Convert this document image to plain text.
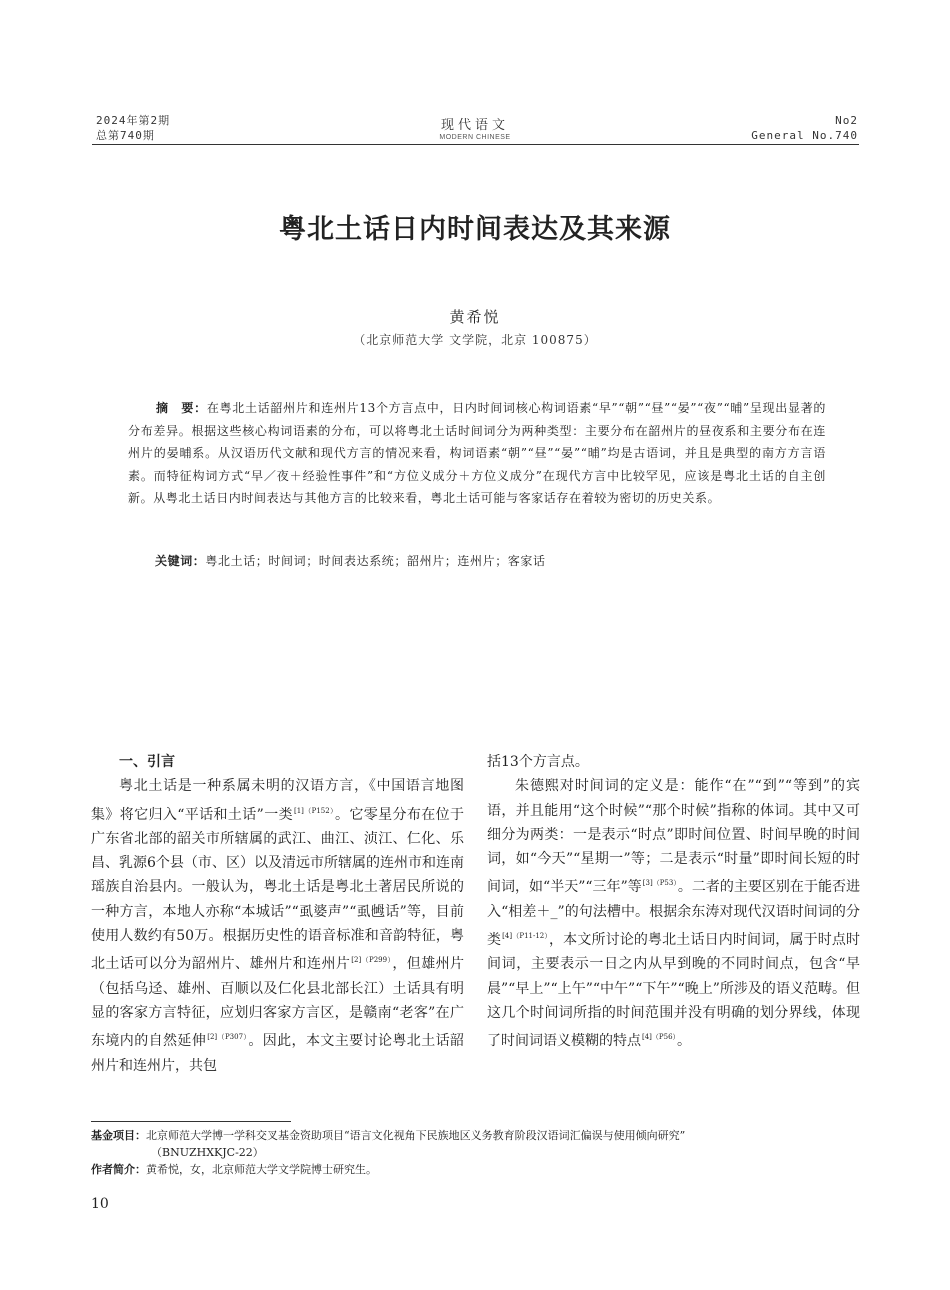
2024年第2期
总第740期
现代语文
MODERN CHINESE
No2
General No.740
粤北土话日内时间表达及其来源
黄希悦
（北京师范大学 文学院，北京 100875）
摘　要：在粤北土话韶州片和连州片13个方言点中，日内时间词核心构词语素“早”“朝”“昼”“晏”“夜”“晡”呈现出显著的分布差异。根据这些核心构词语素的分布，可以将粤北土话时间词分为两种类型：主要分布在韶州片的昼夜系和主要分布在连州片的晏晡系。从汉语历代文献和现代方言的情况来看，构词语素“朝”“昼”“晏”“晡”均是古语词，并且是典型的南方方言语素。而特征构词方式“早／夜＋经验性事件”和“方位义成分＋方位义成分”在现代方言中比较罕见，应该是粤北土话的自主创新。从粤北土话日内时间表达与其他方言的比较来看，粤北土话可能与客家话存在着较为密切的历史关系。
关键词：粤北土话；时间词；时间表达系统；韶州片；连州片；客家话
一、引言

粤北土话是一种系属未明的汉语方言，《中国语言地图集》将它归入“平话和土话”一类$^{[1](P152)}$。它零星分布在位于广东省北部的韶关市所辖属的武江、曲江、浈江、仁化、乐昌、乳源6个县（市、区）以及清远市所辖属的连州市和连南瑶族自治县内。一般认为，粤北土话是粤北土著居民所说的一种方言，本地人亦称“本城话”“虱婆声”“虱乸话”等，目前使用人数约有50万。根据历史性的语音标准和音韵特征，粤北土话可以分为韶州片、雄州片和连州片$^{[2](P299)}$，但雄州片（包括乌迳、雄州、百顺以及仁化县北部长江）土话具有明显的客家方言特征，应划归客家方言区，是赣南“老客”在广东境内的自然延伸$^{[2](P307)}$。因此，本文主要讨论粤北土话韶州片和连州片，共包

括13个方言点。

朱德熙对时间词的定义是：能作“在”“到”“等到”的宾语，并且能用“这个时候”“那个时候”指称的体词。其中又可细分为两类：一是表示“时点”即时间位置、时间早晚的时间词，如“今天”“星期一”等；二是表示“时量”即时间长短的时间词，如“半天”“三年”等$^{[3](P53)}$。二者的主要区别在于能否进入“相差＋_”的句法槽中。根据余东涛对现代汉语时间词的分类$^{[4](P11-12)}$，本文所讨论的粤北土话日内时间词，属于时点时间词，主要表示一日之内从早到晚的不同时间点，包含“早晨”“早上”“上午”“中午”“下午”“晚上”所涉及的语义范畴。但这几个时间词所指的时间范围并没有明确的划分界线，体现了时间词语义模糊的特点$^{[4](P56)}$。

基金项目：北京师范大学博一学科交叉基金资助项目“语言文化视角下民族地区义务教育阶段汉语词汇偏误与使用倾向研究”
（BNUZHXKJC-22）
作者简介：黄希悦，女，北京师范大学文学院博士研究生。
10
